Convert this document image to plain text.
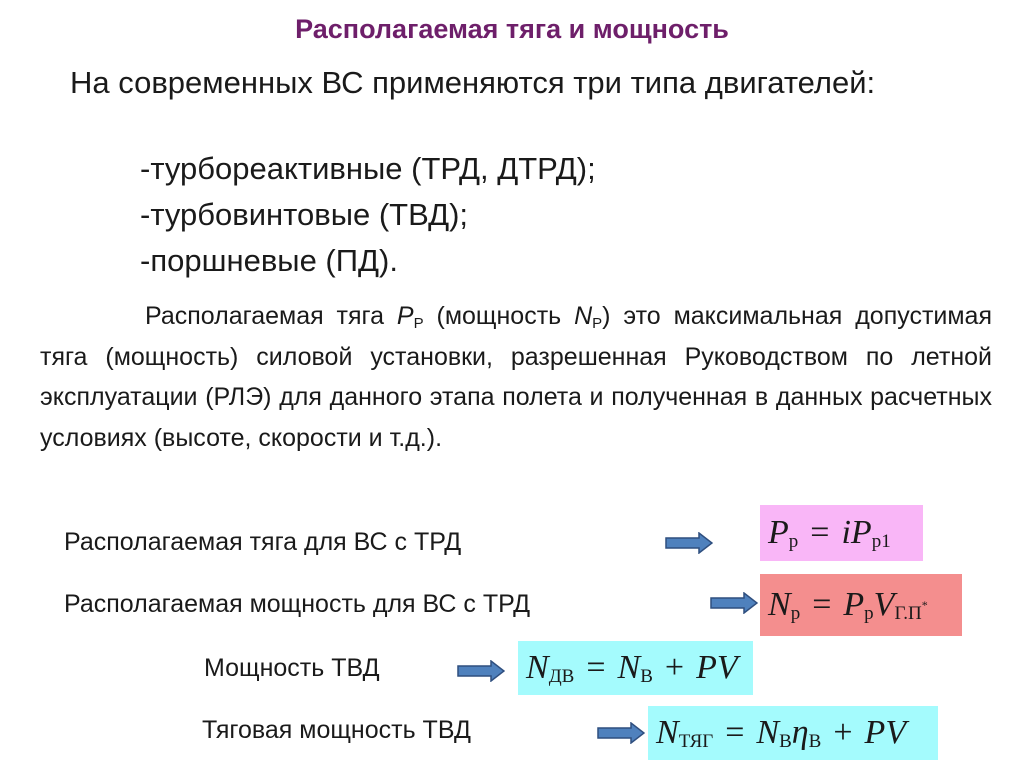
Располагаемая тяга и мощность
На современных ВС применяются три типа двигателей:
-турбореактивные (ТРД, ДТРД);
-турбовинтовые (ТВД);
-поршневые (ПД).
Располагаемая тяга $P_Р$ (мощность $N_Р$) это максимальная допустимая тяга (мощность) силовой установки, разрешенная Руководством по летной эксплуатации (РЛЭ) для данного этапа полета и полученная в данных расчетных условиях (высоте, скорости и т.д.).
Располагаемая тяга для ВС с ТРД	P р = iP р1
Располагаемая мощность для ВС с ТРД	N р = P р V Г.П*
Мощность ТВД	N ДВ = N В + PV
Тяговая мощность ТВД	N ТЯГ = N В η В + PV
